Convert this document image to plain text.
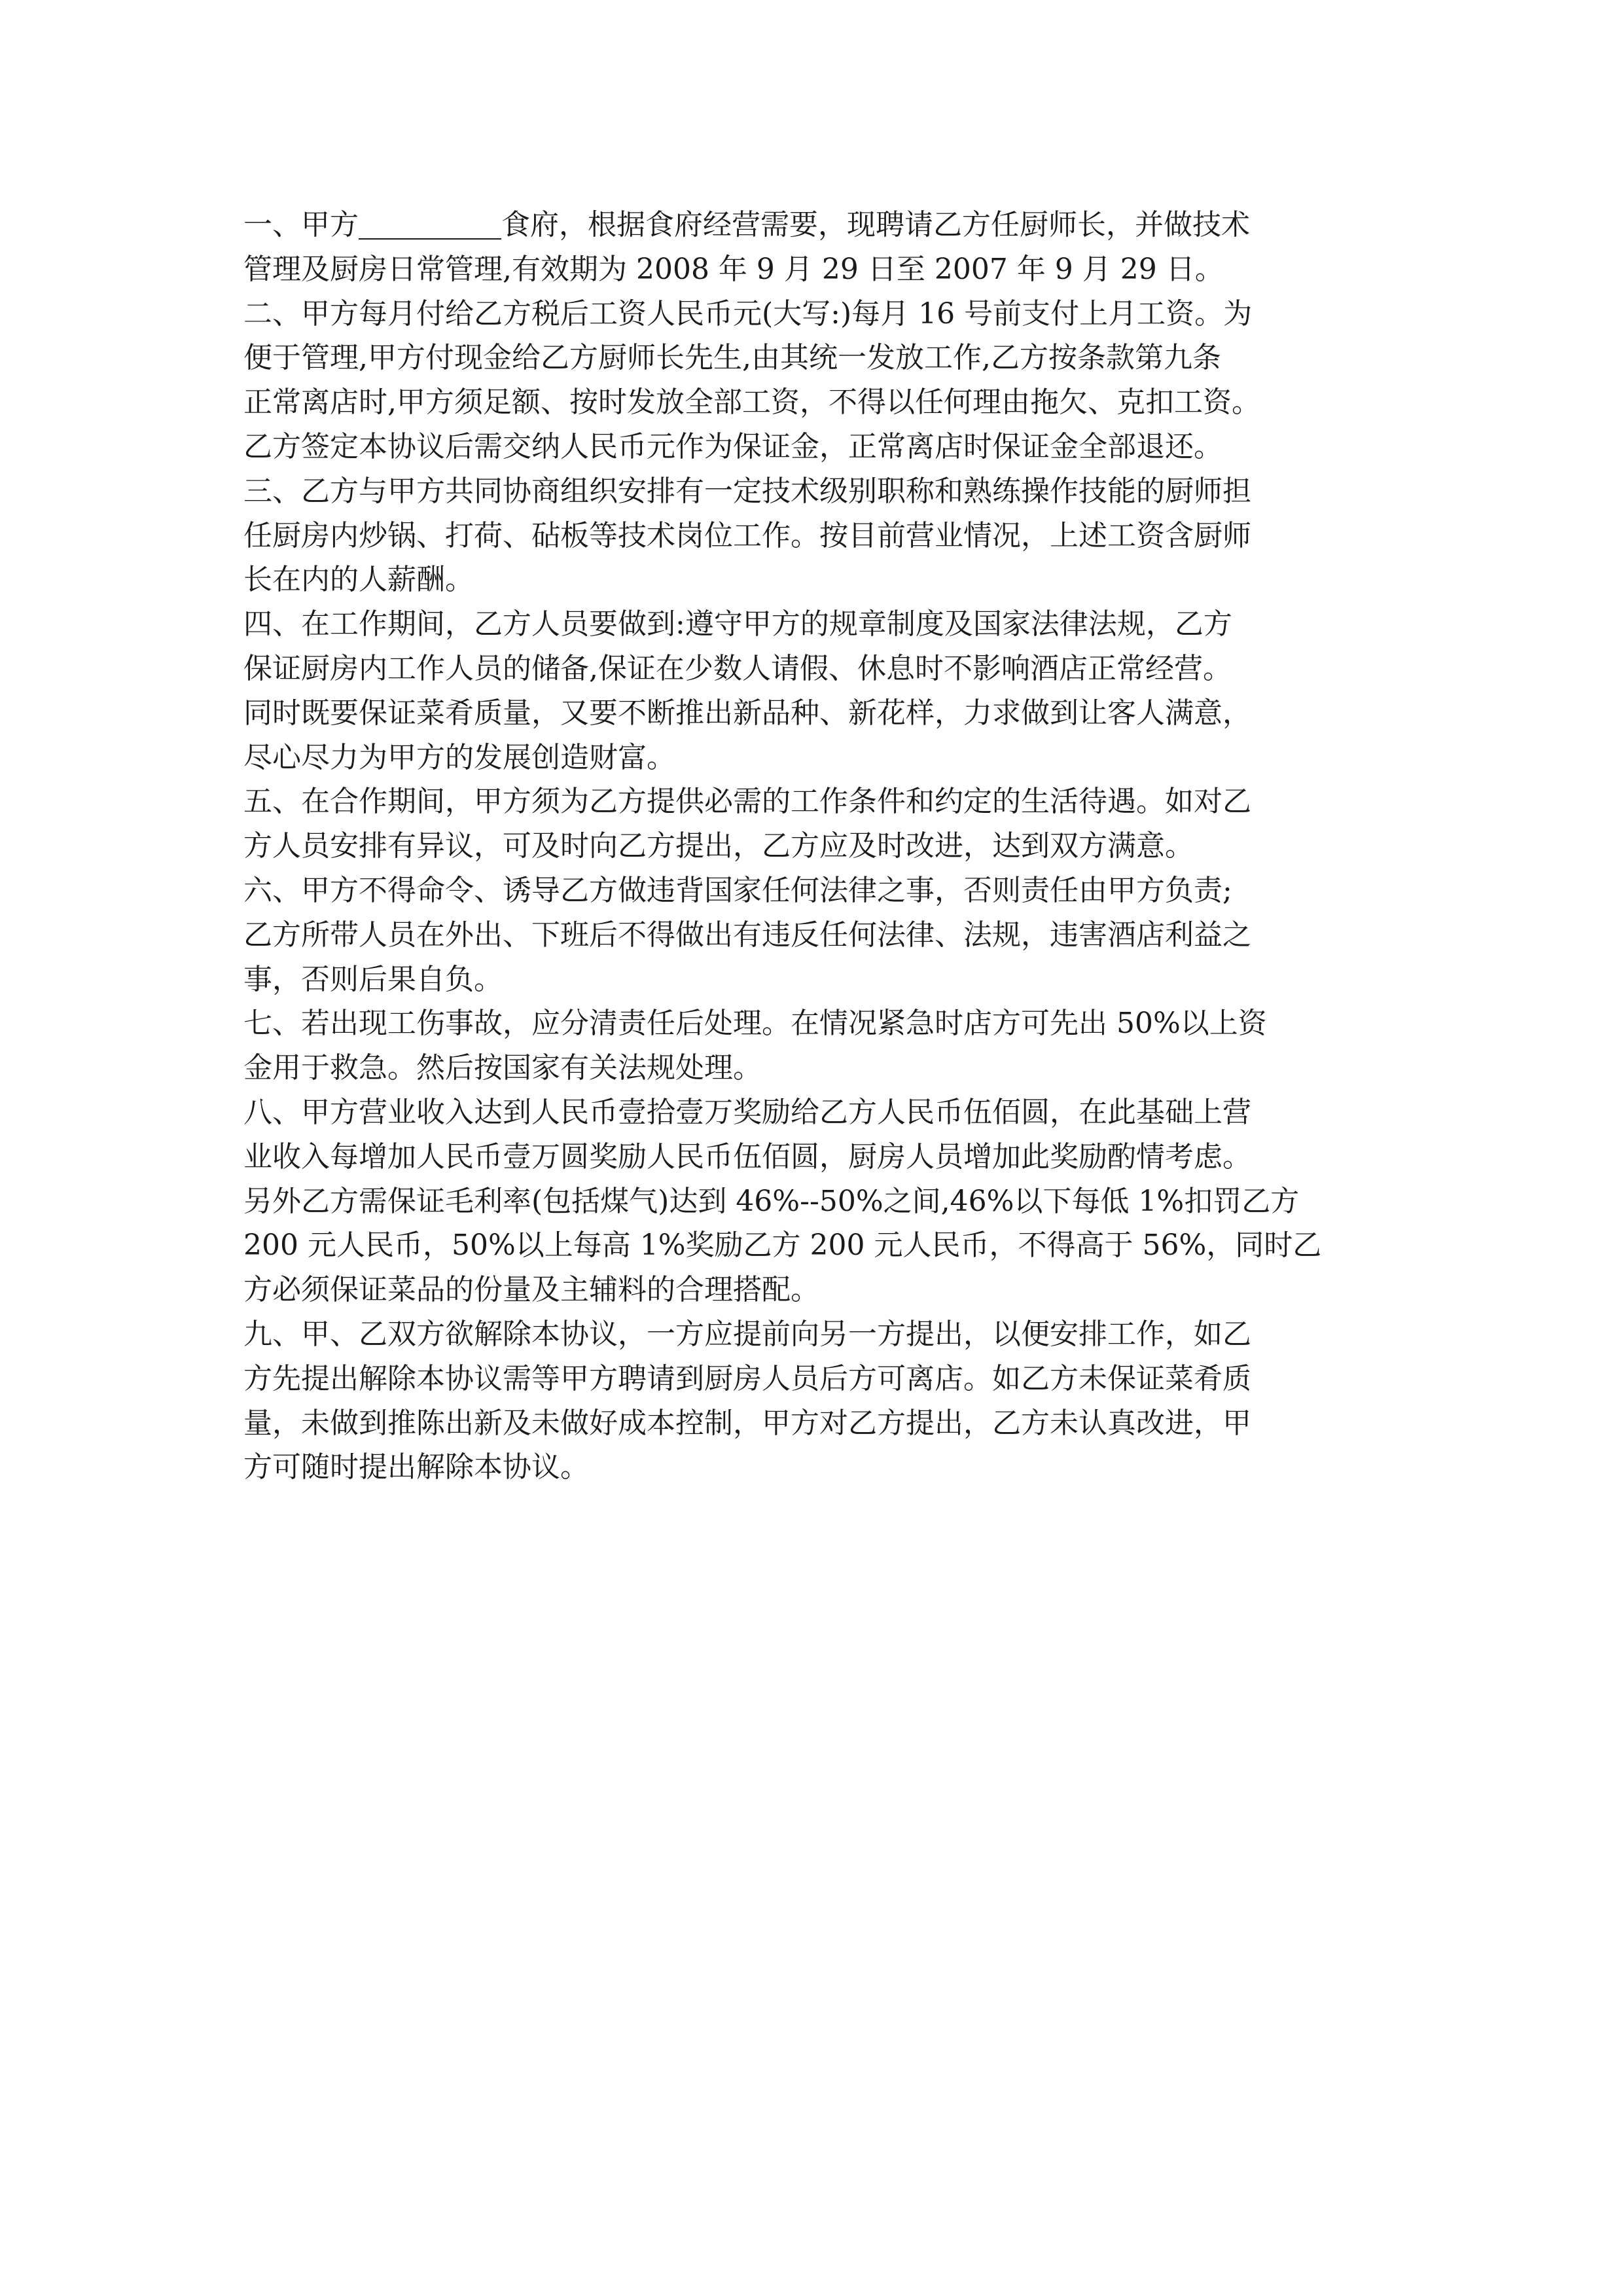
一、甲方	食府，根据食府经营需要，现聘请乙方任厨师长，并做技术
管理及厨房日常管理,有效期为 2008 年 9 月 29 日至 2007 年 9 月 29 日。
二、甲方每月付给乙方税后工资人民币元(大写:)每月 16 号前支付上月工资。为
便于管理,甲方付现金给乙方厨师长先生,由其统一发放工作,乙方按条款第九条
正常离店时,甲方须足额、按时发放全部工资，不得以任何理由拖欠、克扣工资。
乙方签定本协议后需交纳人民币元作为保证金，正常离店时保证金全部退还。
三、乙方与甲方共同协商组织安排有一定技术级别职称和熟练操作技能的厨师担
任厨房内炒锅、打荷、砧板等技术岗位工作。按目前营业情况，上述工资含厨师
长在内的人薪酬。
四、在工作期间，乙方人员要做到:遵守甲方的规章制度及国家法律法规，乙方
保证厨房内工作人员的储备,保证在少数人请假、休息时不影响酒店正常经营。
同时既要保证菜肴质量，又要不断推出新品种、新花样，力求做到让客人满意，
尽心尽力为甲方的发展创造财富。
五、在合作期间，甲方须为乙方提供必需的工作条件和约定的生活待遇。如对乙
方人员安排有异议，可及时向乙方提出，乙方应及时改进，达到双方满意。
六、甲方不得命令、诱导乙方做违背国家任何法律之事，否则责任由甲方负责;
乙方所带人员在外出、下班后不得做出有违反任何法律、法规，违害酒店利益之
事，否则后果自负。
七、若出现工伤事故，应分清责任后处理。在情况紧急时店方可先出 50%以上资
金用于救急。然后按国家有关法规处理。
八、甲方营业收入达到人民币壹拾壹万奖励给乙方人民币伍佰圆，在此基础上营
业收入每增加人民币壹万圆奖励人民币伍佰圆，厨房人员增加此奖励酌情考虑。
另外乙方需保证毛利率(包括煤气)达到 46%--50%之间,46%以下每低 1%扣罚乙方
200 元人民币，50%以上每高 1%奖励乙方 200 元人民币，不得高于 56%，同时乙
方必须保证菜品的份量及主辅料的合理搭配。
九、甲、乙双方欲解除本协议，一方应提前向另一方提出，以便安排工作，如乙
方先提出解除本协议需等甲方聘请到厨房人员后方可离店。如乙方未保证菜肴质
量，未做到推陈出新及未做好成本控制，甲方对乙方提出，乙方未认真改进，甲
方可随时提出解除本协议。
